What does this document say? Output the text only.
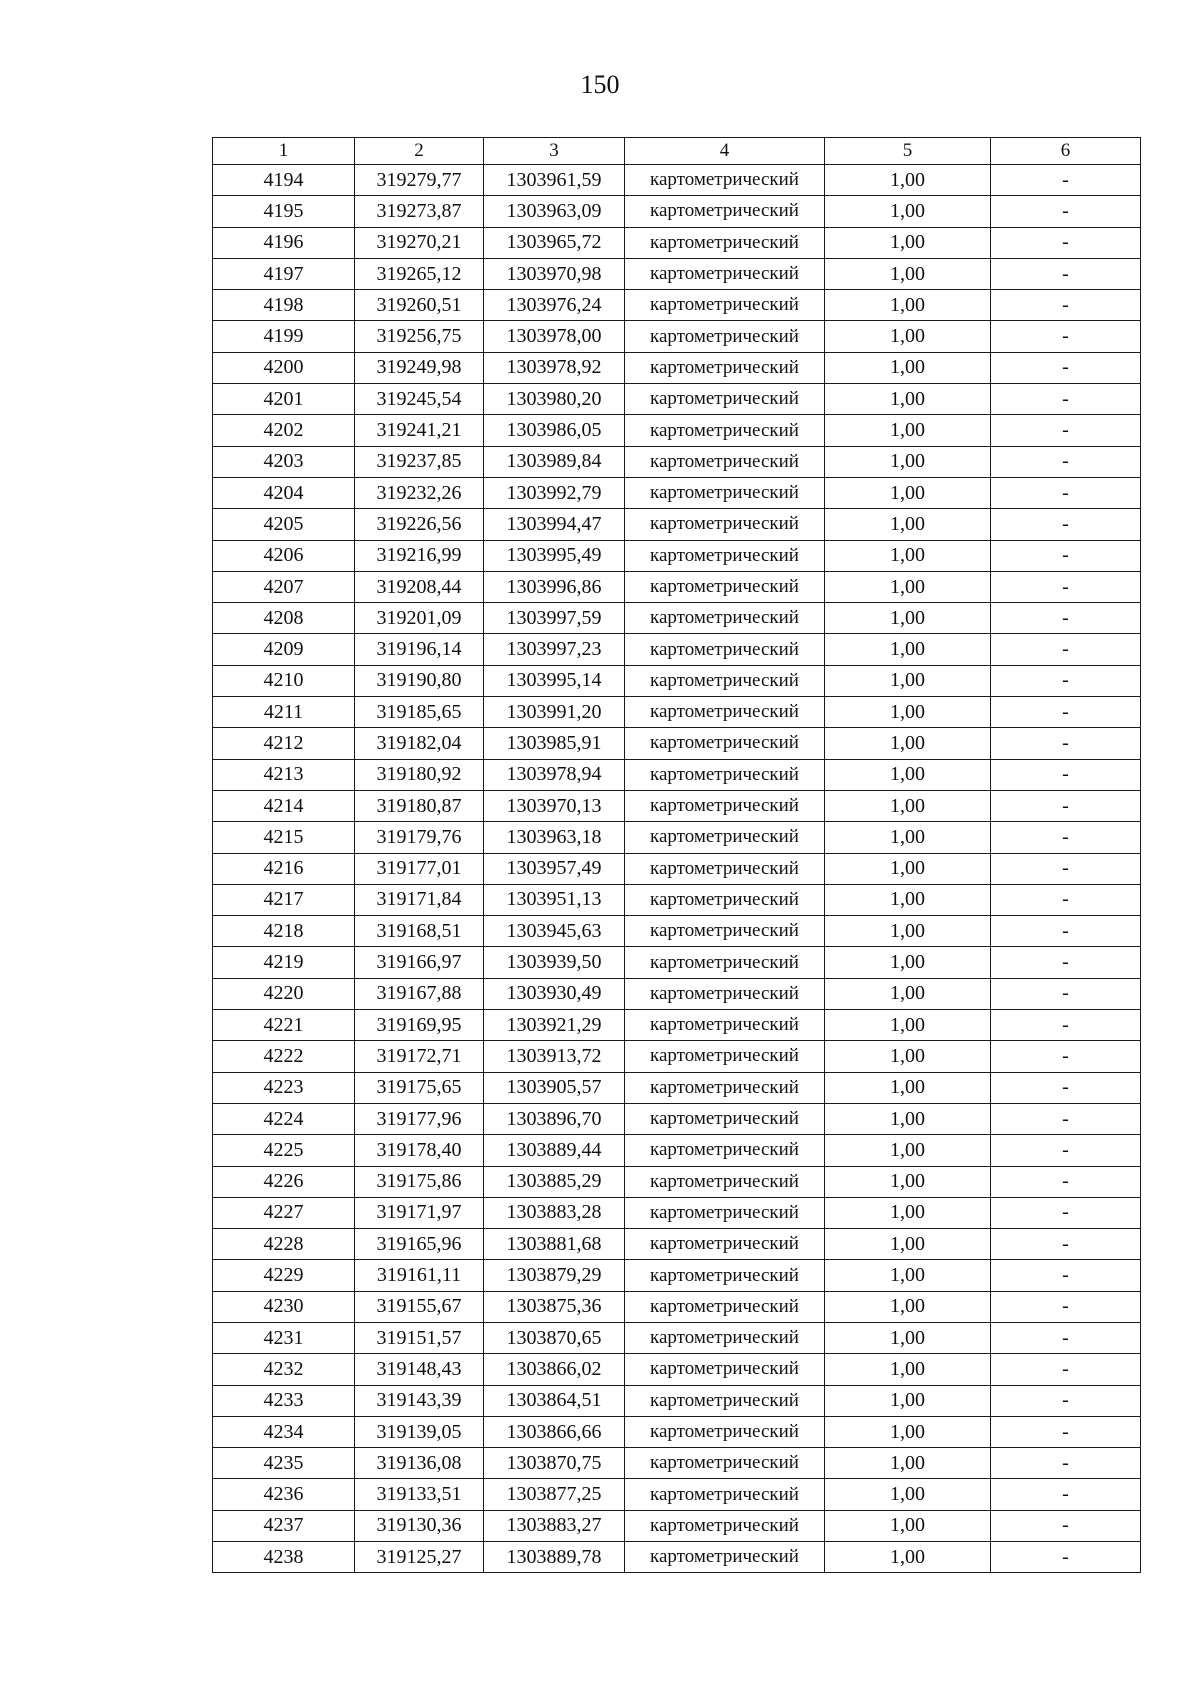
150
1	2	3	4	5	6
4194	319279,77	1303961,59	картометрический	1,00	-
4195	319273,87	1303963,09	картометрический	1,00	-
4196	319270,21	1303965,72	картометрический	1,00	-
4197	319265,12	1303970,98	картометрический	1,00	-
4198	319260,51	1303976,24	картометрический	1,00	-
4199	319256,75	1303978,00	картометрический	1,00	-
4200	319249,98	1303978,92	картометрический	1,00	-
4201	319245,54	1303980,20	картометрический	1,00	-
4202	319241,21	1303986,05	картометрический	1,00	-
4203	319237,85	1303989,84	картометрический	1,00	-
4204	319232,26	1303992,79	картометрический	1,00	-
4205	319226,56	1303994,47	картометрический	1,00	-
4206	319216,99	1303995,49	картометрический	1,00	-
4207	319208,44	1303996,86	картометрический	1,00	-
4208	319201,09	1303997,59	картометрический	1,00	-
4209	319196,14	1303997,23	картометрический	1,00	-
4210	319190,80	1303995,14	картометрический	1,00	-
4211	319185,65	1303991,20	картометрический	1,00	-
4212	319182,04	1303985,91	картометрический	1,00	-
4213	319180,92	1303978,94	картометрический	1,00	-
4214	319180,87	1303970,13	картометрический	1,00	-
4215	319179,76	1303963,18	картометрический	1,00	-
4216	319177,01	1303957,49	картометрический	1,00	-
4217	319171,84	1303951,13	картометрический	1,00	-
4218	319168,51	1303945,63	картометрический	1,00	-
4219	319166,97	1303939,50	картометрический	1,00	-
4220	319167,88	1303930,49	картометрический	1,00	-
4221	319169,95	1303921,29	картометрический	1,00	-
4222	319172,71	1303913,72	картометрический	1,00	-
4223	319175,65	1303905,57	картометрический	1,00	-
4224	319177,96	1303896,70	картометрический	1,00	-
4225	319178,40	1303889,44	картометрический	1,00	-
4226	319175,86	1303885,29	картометрический	1,00	-
4227	319171,97	1303883,28	картометрический	1,00	-
4228	319165,96	1303881,68	картометрический	1,00	-
4229	319161,11	1303879,29	картометрический	1,00	-
4230	319155,67	1303875,36	картометрический	1,00	-
4231	319151,57	1303870,65	картометрический	1,00	-
4232	319148,43	1303866,02	картометрический	1,00	-
4233	319143,39	1303864,51	картометрический	1,00	-
4234	319139,05	1303866,66	картометрический	1,00	-
4235	319136,08	1303870,75	картометрический	1,00	-
4236	319133,51	1303877,25	картометрический	1,00	-
4237	319130,36	1303883,27	картометрический	1,00	-
4238	319125,27	1303889,78	картометрический	1,00	-
